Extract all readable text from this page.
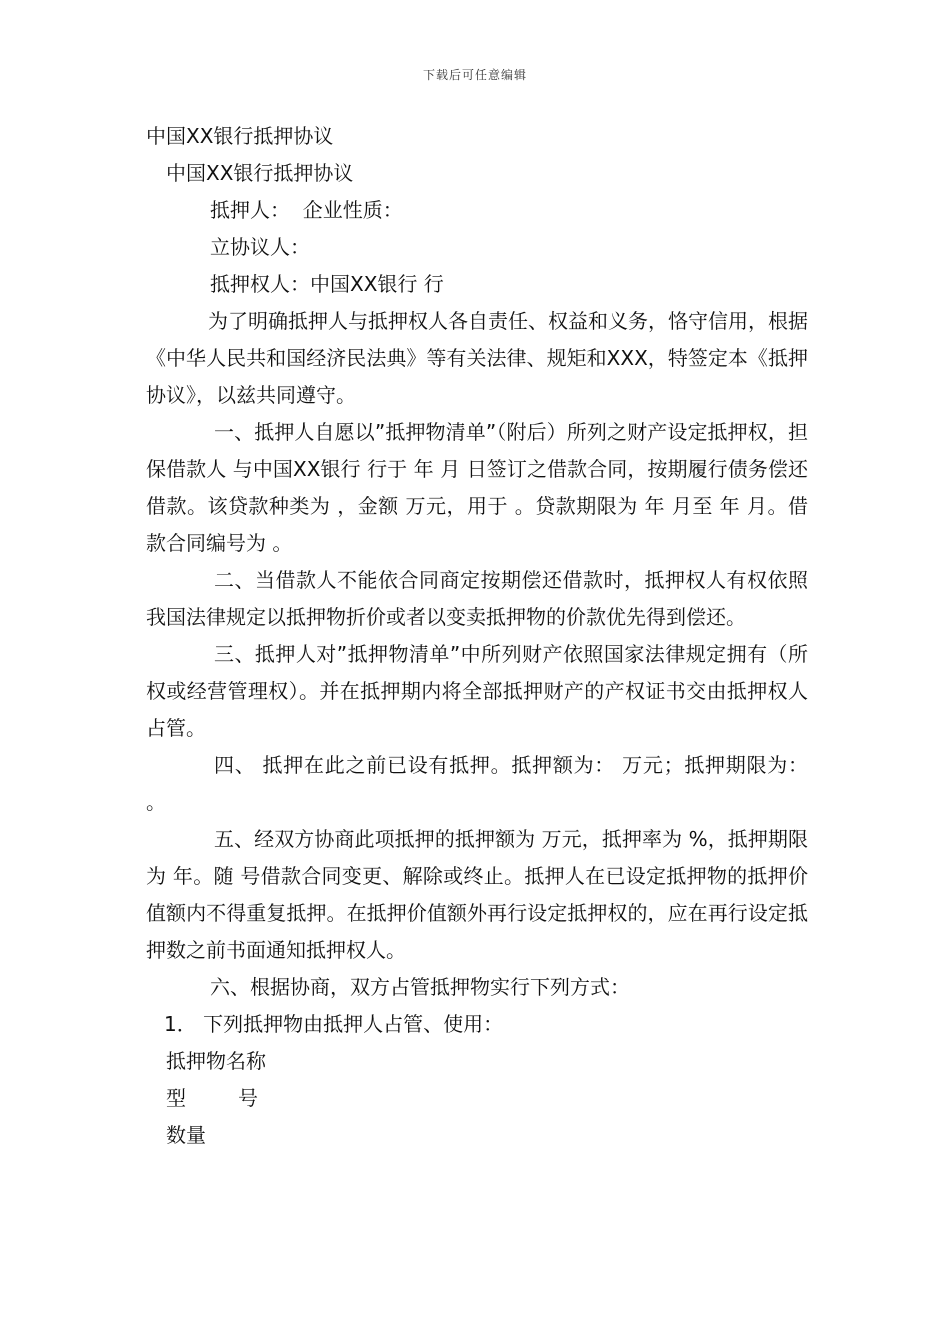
下载后可任意编辑
中国XX银行抵押协议
中国XX银行抵押协议
抵押人：  企业性质：
立协议人：
抵押权人：中国XX银行 行
为了明确抵押人与抵押权人各自责任、权益和义务，恪守信用，根据《中华人民共和国经济民法典》等有关法律、规矩和XXX，特签定本《抵押协议》，以兹共同遵守。
一、抵押人自愿以”抵押物清单”（附后）所列之财产设定抵押权，担保借款人 与中国XX银行 行于 年 月 日签订之借款合同，按期履行债务偿还借款。该贷款种类为 ，金额 万元，用于 。贷款期限为 年 月至 年 月。借款合同编号为 。
二、当借款人不能依合同商定按期偿还借款时，抵押权人有权依照我国法律规定以抵押物折价或者以变卖抵押物的价款优先得到偿还。
三、抵押人对”抵押物清单”中所列财产依照国家法律规定拥有（所 权或经营管理权）。并在抵押期内将全部抵押财产的产权证书交由抵押权人占管。
四、 抵押在此之前已设有抵押。抵押额为： 万元；抵押期限为： 。
五、经双方协商此项抵押的抵押额为 万元，抵押率为 %，抵押期限为 年。随 号借款合同变更、解除或终止。抵押人在已设定抵押物的抵押价值额内不得重复抵押。在抵押价值额外再行设定抵押权的，应在再行设定抵押数之前书面通知抵押权人。
六、根据协商，双方占管抵押物实行下列方式：
1． 下列抵押物由抵押人占管、使用：
抵押物名称
型	号
数量
